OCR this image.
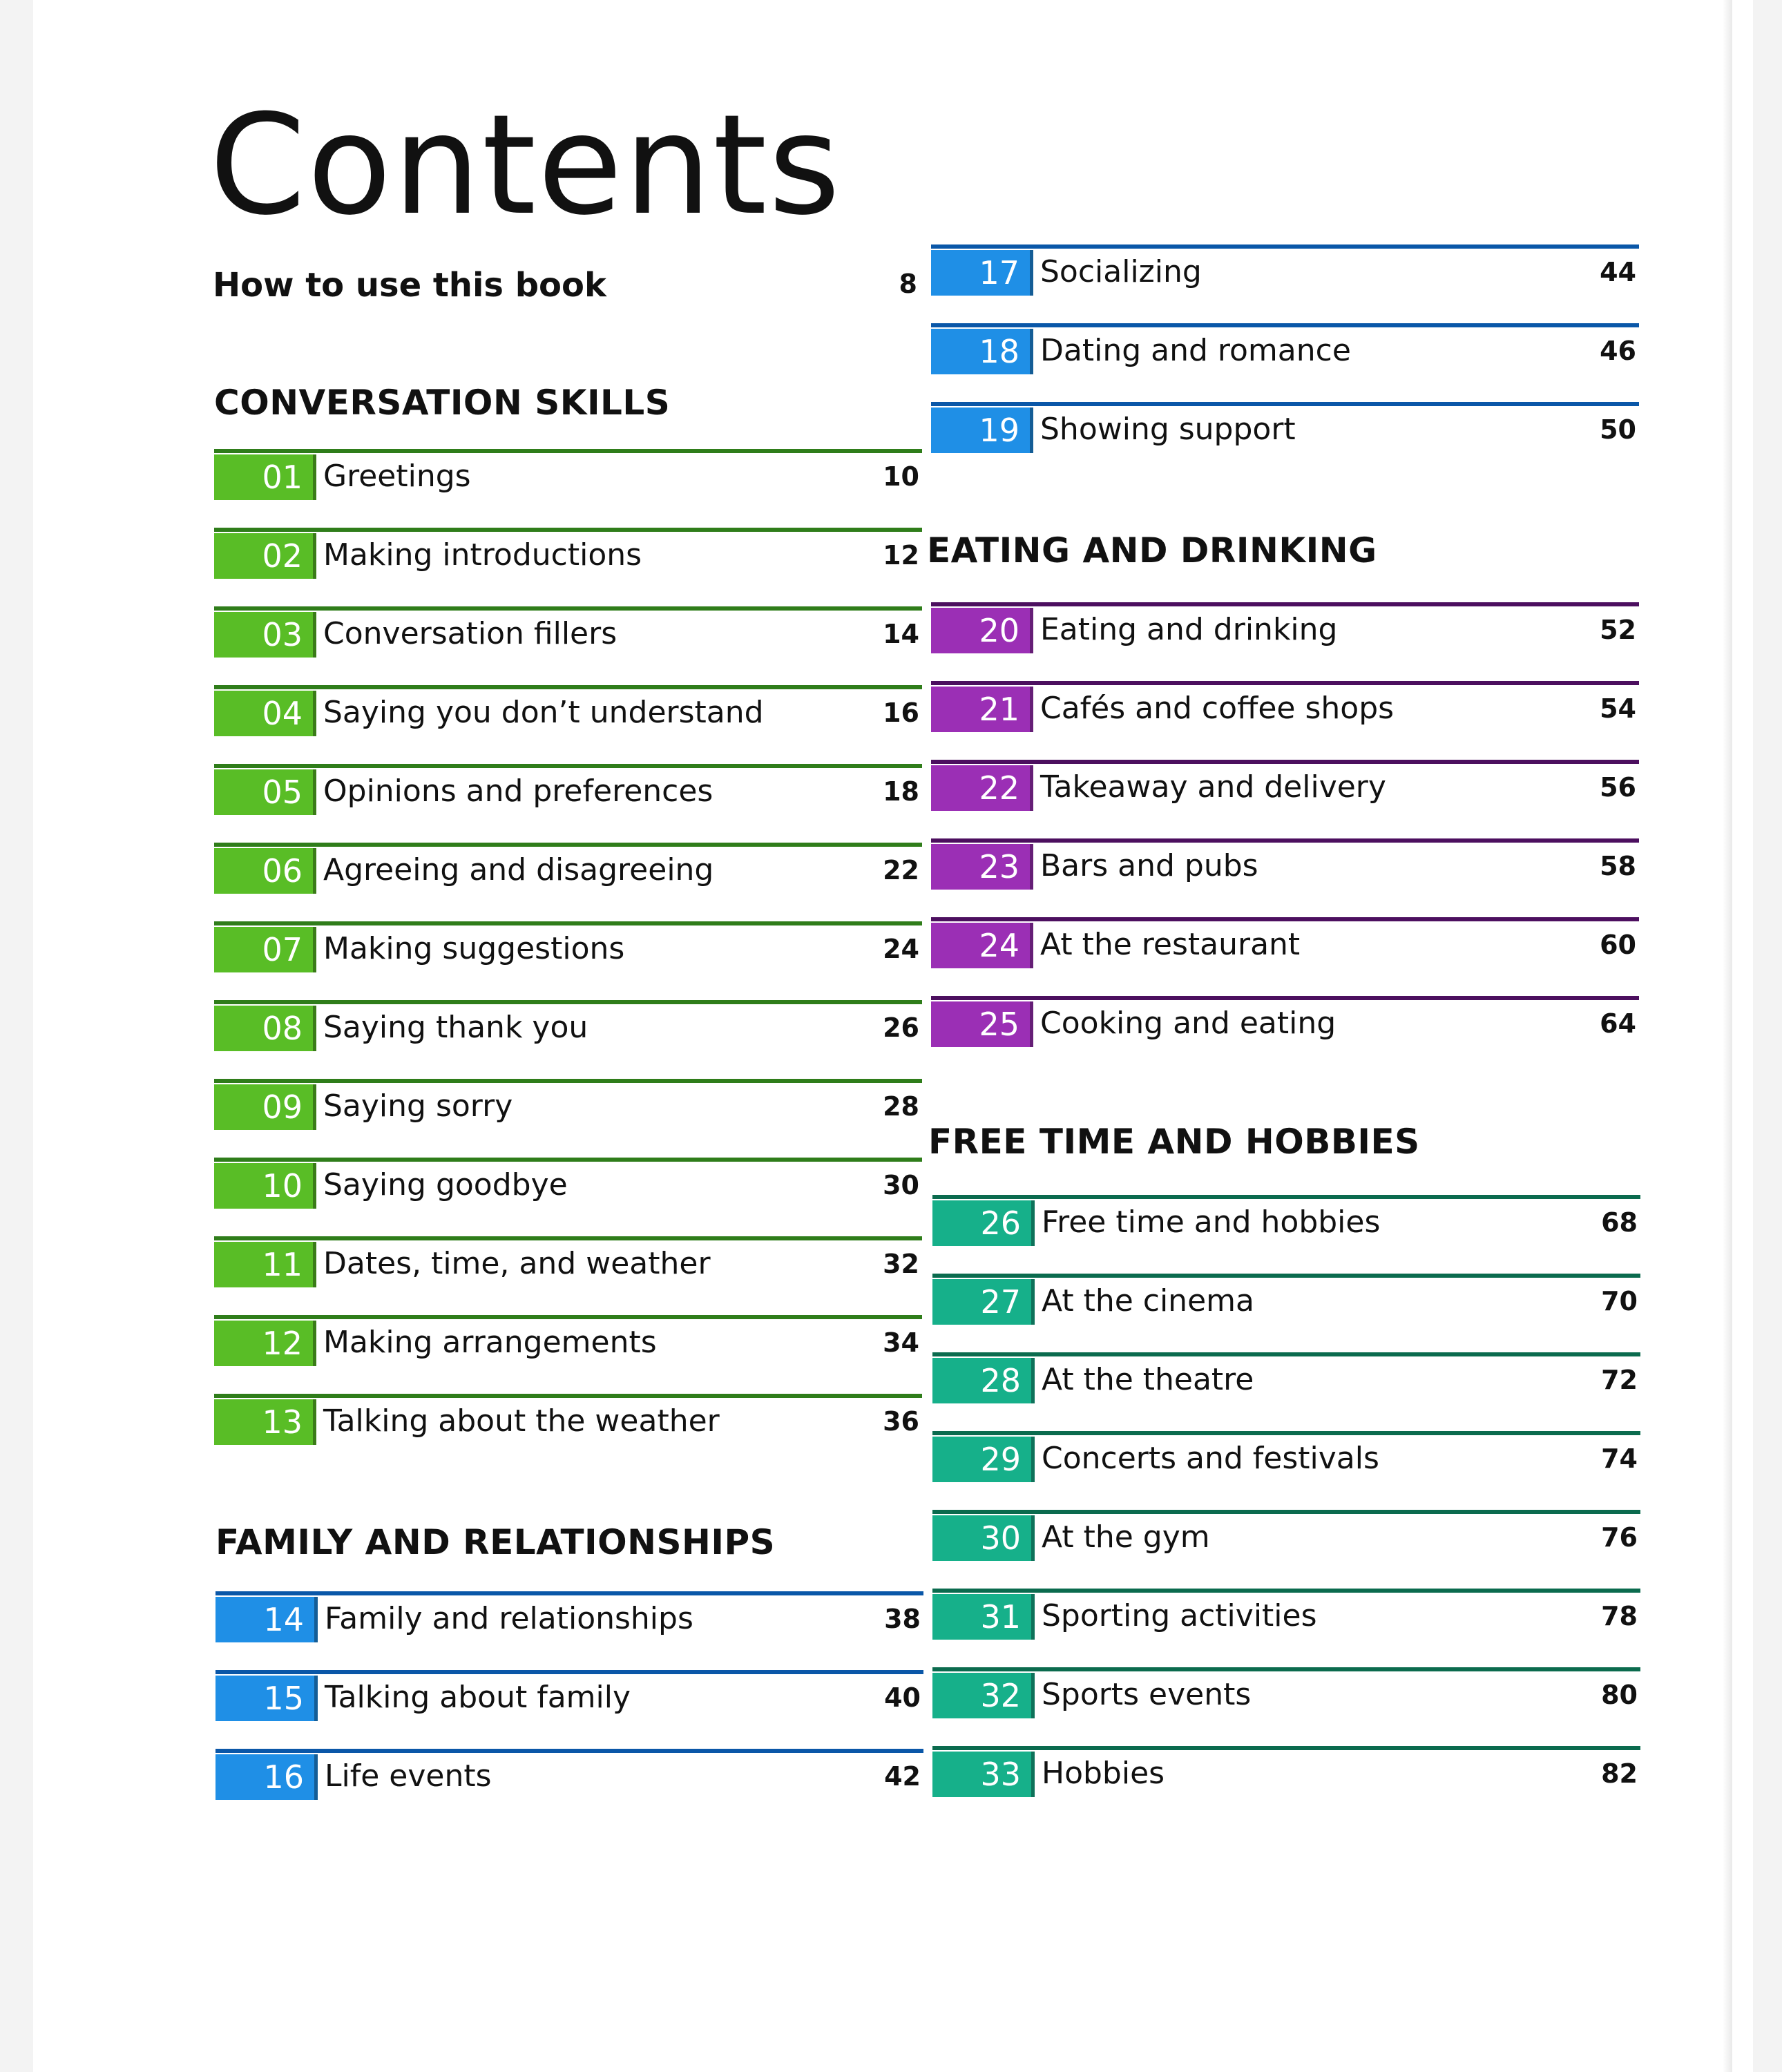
Contents
How to use this book	8
CONVERSATION SKILLS
01 Greetings	10
02 Making introductions	12
03 Conversation fillers	14
04 Saying you don’t understand	16
05 Opinions and preferences	18
06 Agreeing and disagreeing	22
07 Making suggestions	24
08 Saying thank you	26
09 Saying sorry	28
10 Saying goodbye	30
11 Dates, time, and weather	32
12 Making arrangements	34
13 Talking about the weather	36
FAMILY AND RELATIONSHIPS
14 Family and relationships	38
15 Talking about family	40
16 Life events	42
17 Socializing	44
18 Dating and romance	46
19 Showing support	50
EATING AND DRINKING
20 Eating and drinking	52
21 Cafés and coffee shops	54
22 Takeaway and delivery	56
23 Bars and pubs	58
24 At the restaurant	60
25 Cooking and eating	64
FREE TIME AND HOBBIES
26 Free time and hobbies	68
27 At the cinema	70
28 At the theatre	72
29 Concerts and festivals	74
30 At the gym	76
31 Sporting activities	78
32 Sports events	80
33 Hobbies	82
